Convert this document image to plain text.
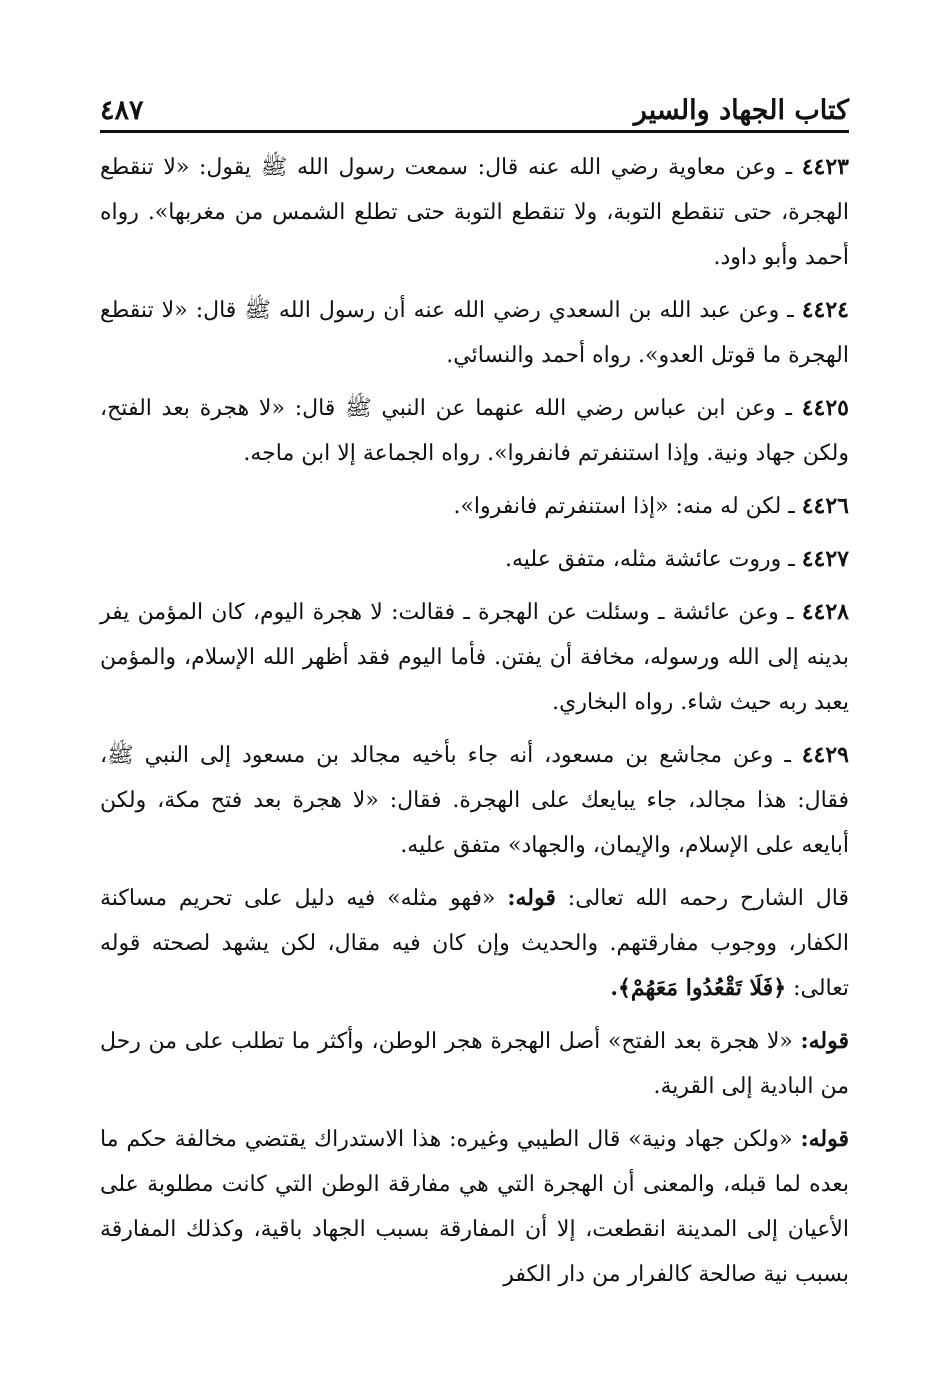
كتاب الجهاد والسير
٤٨٧

٤٤٢٣ ـ وعن معاوية رضي الله عنه قال: سمعت رسول الله ﷺ يقول: «لا تنقطع الهجرة، حتى تنقطع التوبة، ولا تنقطع التوبة حتى تطلع الشمس من مغربها». رواه أحمد وأبو داود.

٤٤٢٤ ـ وعن عبد الله بن السعدي رضي الله عنه أن رسول الله ﷺ قال: «لا تنقطع الهجرة ما قوتل العدو». رواه أحمد والنسائي.

٤٤٢٥ ـ وعن ابن عباس رضي الله عنهما عن النبي ﷺ قال: «لا هجرة بعد الفتح، ولكن جهاد ونية. وإذا استنفرتم فانفروا». رواه الجماعة إلا ابن ماجه.

٤٤٢٦ ـ لكن له منه: «إذا استنفرتم فانفروا».

٤٤٢٧ ـ وروت عائشة مثله، متفق عليه.

٤٤٢٨ ـ وعن عائشة ـ وسئلت عن الهجرة ـ فقالت: لا هجرة اليوم، كان المؤمن يفر بدينه إلى الله ورسوله، مخافة أن يفتن. فأما اليوم فقد أظهر الله الإسلام، والمؤمن يعبد ربه حيث شاء. رواه البخاري.

٤٤٢٩ ـ وعن مجاشع بن مسعود، أنه جاء بأخيه مجالد بن مسعود إلى النبي ﷺ، فقال: هذا مجالد، جاء يبايعك على الهجرة. فقال: «لا هجرة بعد فتح مكة، ولكن أبايعه على الإسلام، والإيمان، والجهاد» متفق عليه.

قال الشارح رحمه الله تعالى: قوله: «فهو مثله» فيه دليل على تحريم مساكنة الكفار، ووجوب مفارقتهم. والحديث وإن كان فيه مقال، لكن يشهد لصحته قوله تعالى: ﴿فَلَا تَقْعُدُوا مَعَهُمْ﴾.

قوله: «لا هجرة بعد الفتح» أصل الهجرة هجر الوطن، وأكثر ما تطلب على من رحل من البادية إلى القرية.

قوله: «ولكن جهاد ونية» قال الطيبي وغيره: هذا الاستدراك يقتضي مخالفة حكم ما بعده لما قبله، والمعنى أن الهجرة التي هي مفارقة الوطن التي كانت مطلوبة على الأعيان إلى المدينة انقطعت، إلا أن المفارقة بسبب الجهاد باقية، وكذلك المفارقة بسبب نية صالحة كالفرار من دار الكفر
